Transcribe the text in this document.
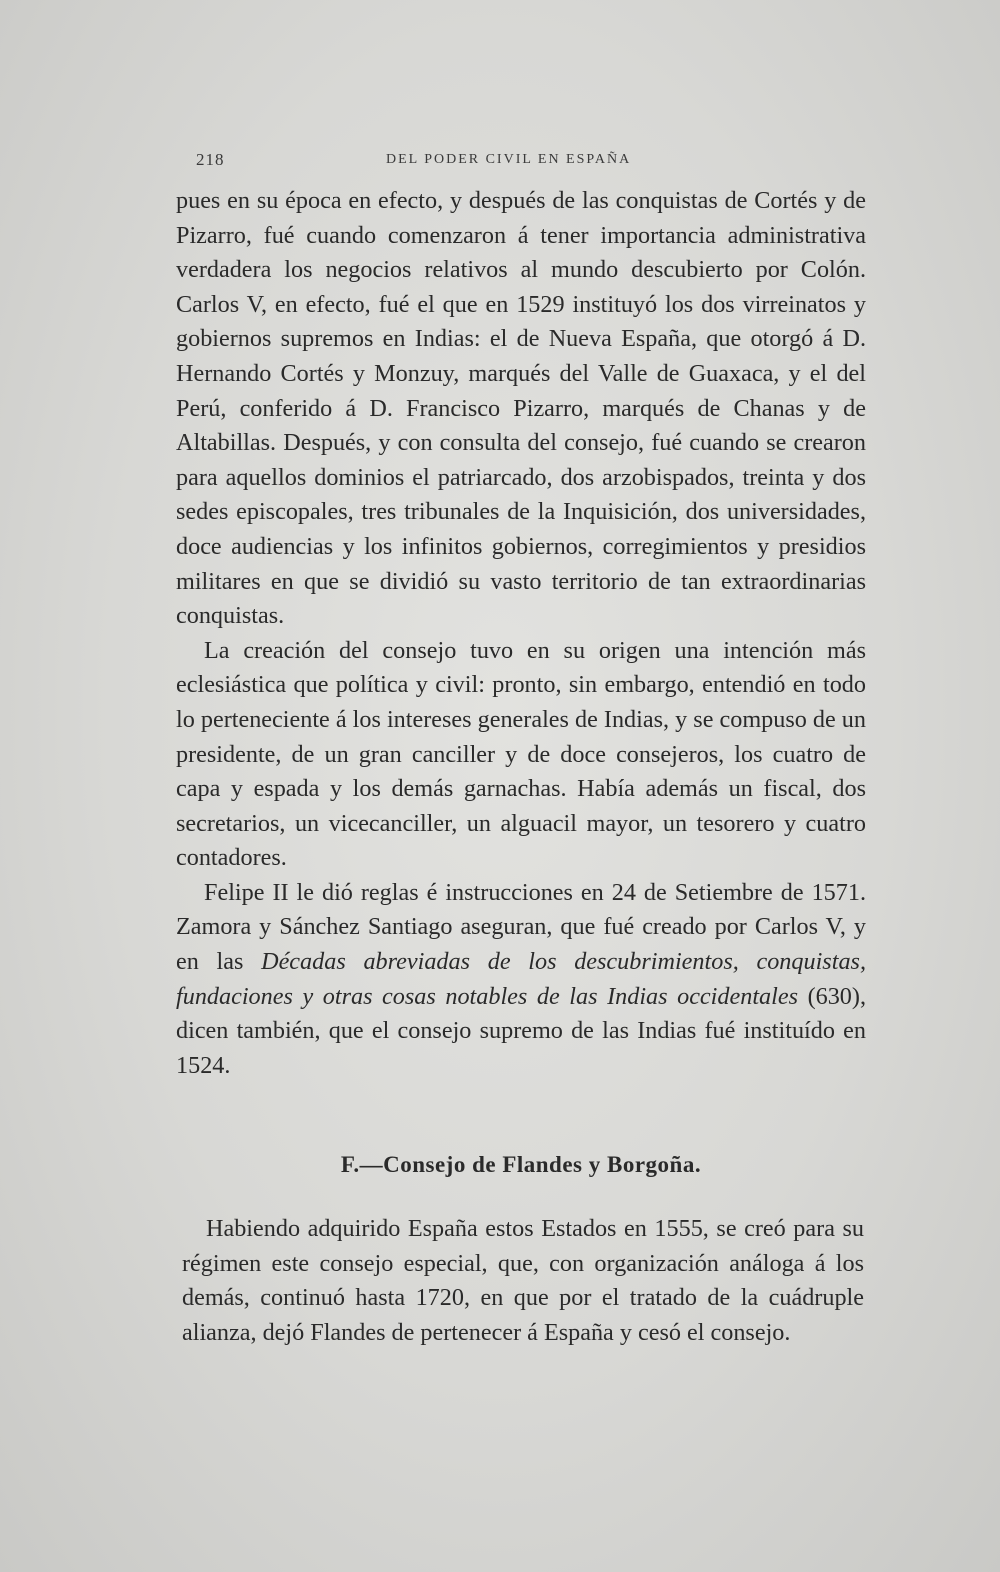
218	DEL PODER CIVIL EN ESPAÑA

pues en su época en efecto, y después de las conquistas de Cortés y de Pizarro, fué cuando comenzaron á tener importancia administrativa verdadera los negocios relativos al mundo descubierto por Colón. Carlos V, en efecto, fué el que en 1529 instituyó los dos virreinatos y gobiernos supremos en Indias: el de Nueva España, que otorgó á D. Hernando Cortés y Monzuy, marqués del Valle de Guaxaca, y el del Perú, conferido á D. Francisco Pizarro, marqués de Chanas y de Altabillas. Después, y con consulta del consejo, fué cuando se crearon para aquellos dominios el patriarcado, dos arzobispados, treinta y dos sedes episcopales, tres tribunales de la Inquisición, dos universidades, doce audiencias y los infinitos gobiernos, corregimientos y presidios militares en que se dividió su vasto territorio de tan extraordinarias conquistas.

La creación del consejo tuvo en su origen una intención más eclesiástica que política y civil: pronto, sin embargo, entendió en todo lo perteneciente á los intereses generales de Indias, y se compuso de un presidente, de un gran canciller y de doce consejeros, los cuatro de capa y espada y los demás garnachas. Había además un fiscal, dos secretarios, un vicecanciller, un alguacil mayor, un tesorero y cuatro contadores.

Felipe II le dió reglas é instrucciones en 24 de Setiembre de 1571. Zamora y Sánchez Santiago aseguran, que fué creado por Carlos V, y en las Décadas abreviadas de los descubrimientos, conquistas, fundaciones y otras cosas notables de las Indias occidentales (630), dicen también, que el consejo supremo de las Indias fué instituído en 1524.

F.—Consejo de Flandes y Borgoña.

Habiendo adquirido España estos Estados en 1555, se creó para su régimen este consejo especial, que, con organización análoga á los demás, continuó hasta 1720, en que por el tratado de la cuádruple alianza, dejó Flandes de pertenecer á España y cesó el consejo.
